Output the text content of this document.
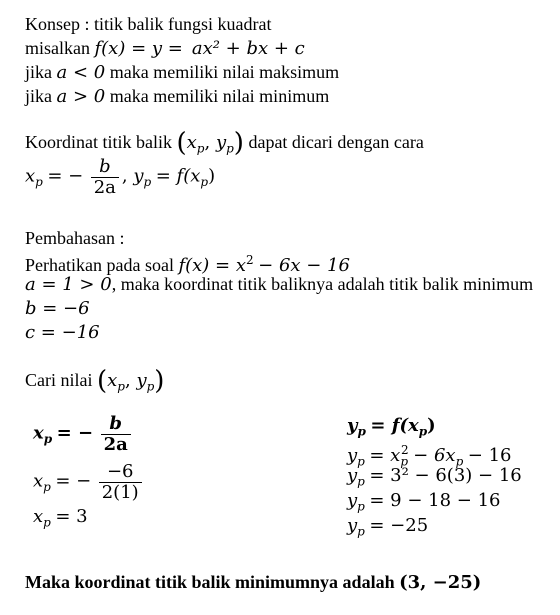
Konsep : titik balik fungsi kuadrat
misalkan f(x) = y = ax² + bx + c
jika a < 0 maka memiliki nilai maksimum
jika a > 0 maka memiliki nilai minimum
Koordinat titik balik ($x_p$, $y_p$) dapat dicari dengan cara
$x_p$ = − $\frac{b}{2a}$ , $y_p = f(x_p)$
Pembahasan :
Perhatikan pada soal $f(x) = x^2 - 6x - 16$
a = 1 > 0, maka koordinat titik baliknya adalah titik balik minimum
b = −6
c = −16
Cari nilai ($x_p$, $y_p$)
$x_p$ = − $\frac{b}{2a}$
$x_p$ = − $\frac{-6}{2(1)}$
$x_p = 3$
$y_p = f(x_p)$
$y_p = x_p^2 - 6x_p - 16$
$y_p = 3^2 - 6(3) - 16$
$y_p = 9 - 18 - 16$
$y_p = -25$
Maka koordinat titik balik minimumnya adalah (3, −25)
